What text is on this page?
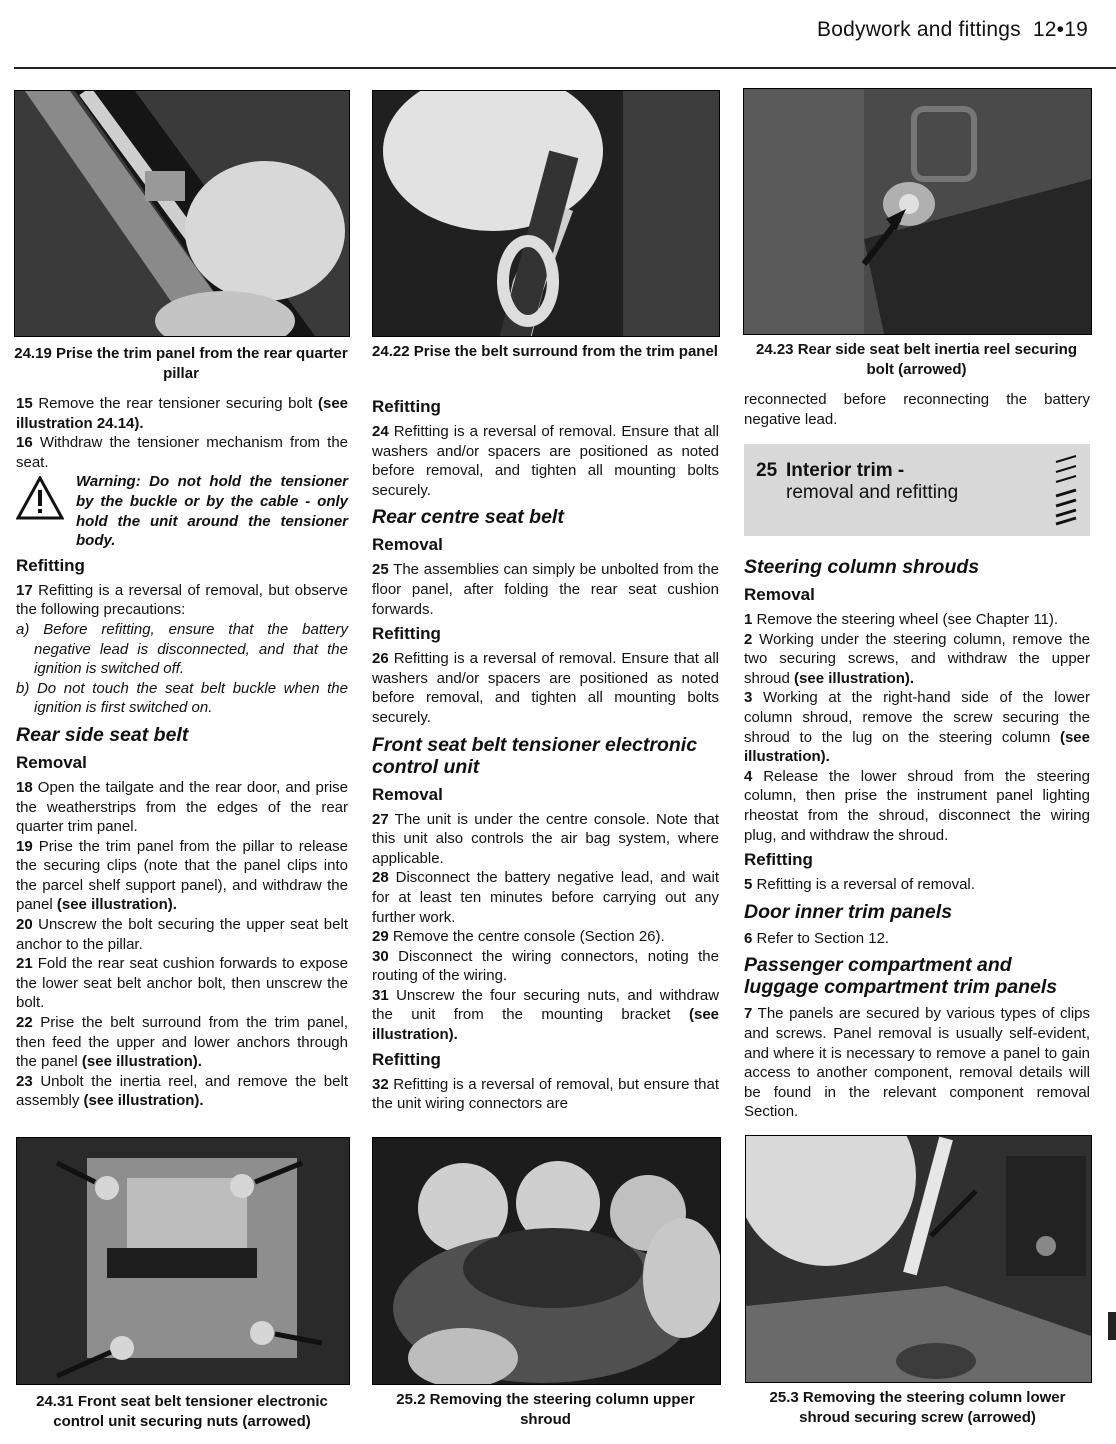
Bodywork and fittings 12•19
24.19 Prise the trim panel from the rear quarter pillar
24.22 Prise the belt surround from the trim panel	24.23 Rear side seat belt inertia reel securing bolt (arrowed)

15 Remove the rear tensioner securing bolt (see illustration 24.14).

16 Withdraw the tensioner mechanism from the seat.

Warning: Do not hold the tensioner by the buckle or by the cable - only hold the unit around the tensioner body.

Refitting

17 Refitting is a reversal of removal, but observe the following precautions:

a) Before refitting, ensure that the battery negative lead is disconnected, and that the ignition is switched off.

b) Do not touch the seat belt buckle when the ignition is first switched on.

Rear side seat belt
Removal

18 Open the tailgate and the rear door, and prise the weatherstrips from the edges of the rear quarter trim panel.

19 Prise the trim panel from the pillar to release the securing clips (note that the panel clips into the parcel shelf support panel), and withdraw the panel (see illustration).

20 Unscrew the bolt securing the upper seat belt anchor to the pillar.

21 Fold the rear seat cushion forwards to expose the lower seat belt anchor bolt, then unscrew the bolt.

22 Prise the belt surround from the trim panel, then feed the upper and lower anchors through the panel (see illustration).

23 Unbolt the inertia reel, and remove the belt assembly (see illustration).

Refitting

24 Refitting is a reversal of removal. Ensure that all washers and/or spacers are positioned as noted before removal, and tighten all mounting bolts securely.

Rear centre seat belt
Removal

25 The assemblies can simply be unbolted from the floor panel, after folding the rear seat cushion forwards.

Refitting

26 Refitting is a reversal of removal. Ensure that all washers and/or spacers are positioned as noted before removal, and tighten all mounting bolts securely.

Front seat belt tensioner electronic control unit
Removal

27 The unit is under the centre console. Note that this unit also controls the air bag system, where applicable.

28 Disconnect the battery negative lead, and wait for at least ten minutes before carrying out any further work.

29 Remove the centre console (Section 26).

30 Disconnect the wiring connectors, noting the routing of the wiring.

31 Unscrew the four securing nuts, and withdraw the unit from the mounting bracket (see illustration).

Refitting

32 Refitting is a reversal of removal, but ensure that the unit wiring connectors are

reconnected before reconnecting the battery negative lead.

25 Interior trim -
removal and refitting
Steering column shrouds
Removal

1 Remove the steering wheel (see Chapter 11).

2 Working under the steering column, remove the two securing screws, and withdraw the upper shroud (see illustration).

3 Working at the right-hand side of the lower column shroud, remove the screw securing the shroud to the lug on the steering column (see illustration).

4 Release the lower shroud from the steering column, then prise the instrument panel lighting rheostat from the shroud, disconnect the wiring plug, and withdraw the shroud.

Refitting

5 Refitting is a reversal of removal.

Door inner trim panels

6 Refer to Section 12.

Passenger compartment and luggage compartment trim panels

7 The panels are secured by various types of clips and screws. Panel removal is usually self-evident, and where it is necessary to remove a panel to gain access to another component, removal details will be found in the relevant component removal Section.

24.31 Front seat belt tensioner electronic control unit securing nuts (arrowed)
25.2 Removing the steering column upper shroud
25.3 Removing the steering column lower shroud securing screw (arrowed)
